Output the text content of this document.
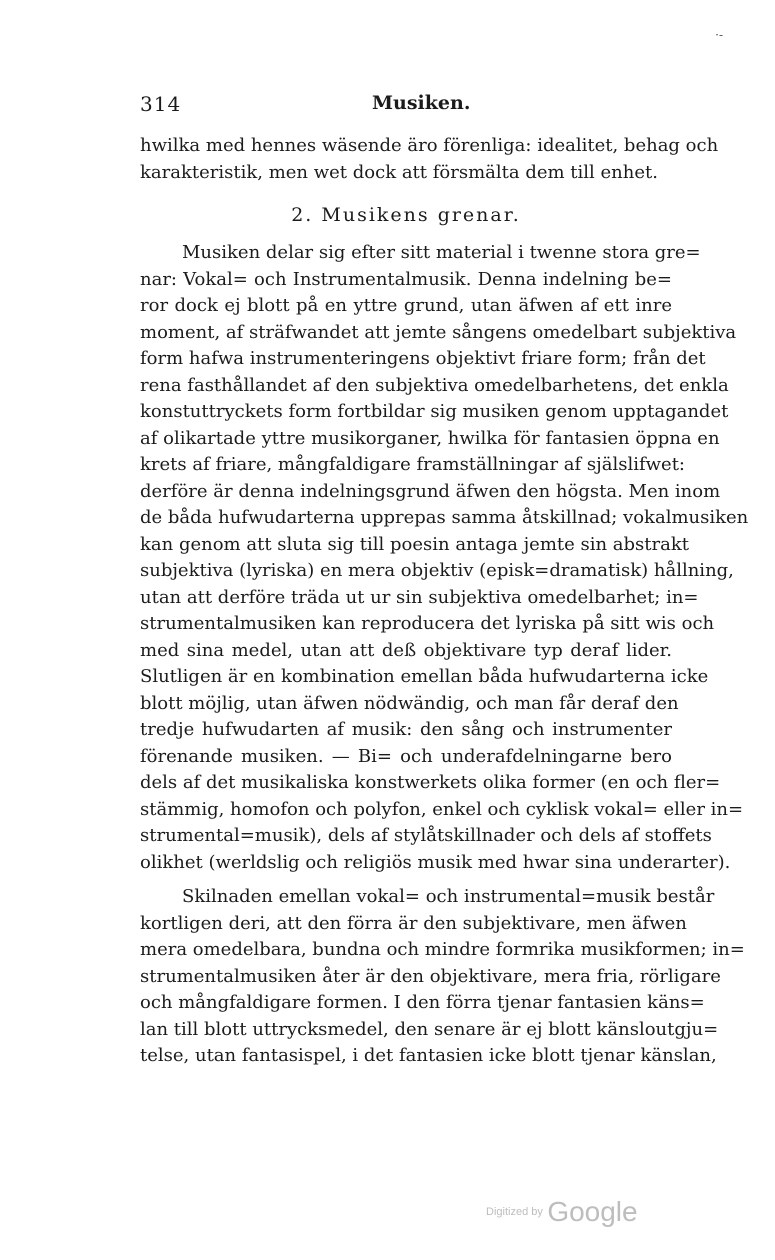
·‑
314	Musiken.
hwilka med hennes wäsende äro förenliga: idealitet, behag och
karakteristik, men wet dock att försmälta dem till enhet.
2. Musikens grenar.
Musiken delar sig efter sitt material i twenne stora gre=
nar: Vokal= och Instrumentalmusik. Denna indelning be=
ror dock ej blott på en yttre grund, utan äfwen af ett inre
moment, af sträfwandet att jemte sångens omedelbart subjektiva
form hafwa instrumenteringens objektivt friare form; från det
rena fasthållandet af den subjektiva omedelbarhetens, det enkla
konstuttryckets form fortbildar sig musiken genom upptagandet
af olikartade yttre musikorganer, hwilka för fantasien öppna en
krets af friare, mångfaldigare framställningar af själslifwet:
derföre är denna indelningsgrund äfwen den högsta. Men inom
de båda hufwudarterna upprepas samma åtskillnad; vokalmusiken
kan genom att sluta sig till poesin antaga jemte sin abstrakt
subjektiva (lyriska) en mera objektiv (episk=dramatisk) hållning,
utan att derföre träda ut ur sin subjektiva omedelbarhet; in=
strumentalmusiken kan reproducera det lyriska på sitt wis och
med sina medel, utan att deß objektivare typ deraf lider.
Slutligen är en kombination emellan båda hufwudarterna icke
blott möjlig, utan äfwen nödwändig, och man får deraf den
tredje hufwudarten af musik: den sång och instrumenter
förenande musiken. — Bi= och underafdelningarne bero
dels af det musikaliska konstwerkets olika former (en och fler=
stämmig, homofon och polyfon, enkel och cyklisk vokal= eller in=
strumental=musik), dels af stylåtskillnader och dels af stoffets
olikhet (werldslig och religiös musik med hwar sina underarter).
Skilnaden emellan vokal= och instrumental=musik består
kortligen deri, att den förra är den subjektivare, men äfwen
mera omedelbara, bundna och mindre formrika musikformen; in=
strumentalmusiken åter är den objektivare, mera fria, rörligare
och mångfaldigare formen. I den förra tjenar fantasien käns=
lan till blott uttrycksmedel, den senare är ej blott känsloutgju=
telse, utan fantasispel, i det fantasien icke blott tjenar känslan,
Digitized by Google
